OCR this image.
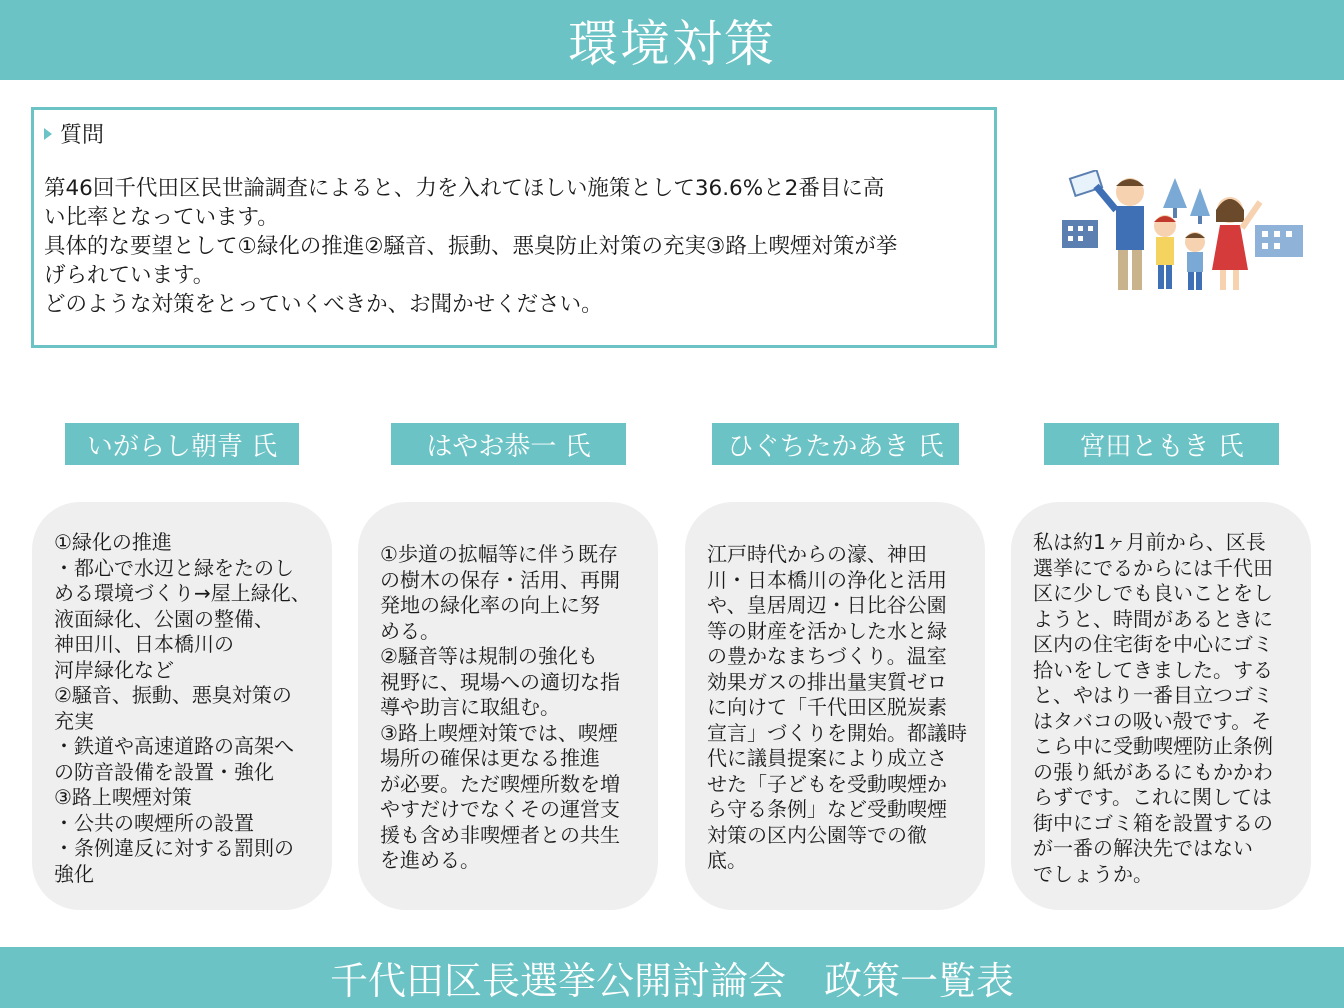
環境対策
質問
第46回千代田区民世論調査によると、力を入れてほしい施策として36.6%と2番目に高
い比率となっています。
具体的な要望として①緑化の推進②騒音、振動、悪臭防止対策の充実③路上喫煙対策が挙
げられています。
どのような対策をとっていくべきか、お聞かせください。
いがらし朝青 氏	はやお恭一 氏	ひぐちたかあき 氏	宮田ともき 氏
①緑化の推進
・都心で水辺と緑をたのし
める環境づくり→屋上緑化、
液面緑化、公園の整備、
神田川、日本橋川の
河岸緑化など
②騒音、振動、悪臭対策の
充実
・鉄道や高速道路の高架へ
の防音設備を設置・強化
③路上喫煙対策
・公共の喫煙所の設置
・条例違反に対する罰則の
強化
①歩道の拡幅等に伴う既存
の樹木の保存・活用、再開
発地の緑化率の向上に努
める。
②騒音等は規制の強化も
視野に、現場への適切な指
導や助言に取組む。
③路上喫煙対策では、喫煙
場所の確保は更なる推進
が必要。ただ喫煙所数を増
やすだけでなくその運営支
援も含め非喫煙者との共生
を進める。
江戸時代からの濠、神田
川・日本橋川の浄化と活用
や、皇居周辺・日比谷公園
等の財産を活かした水と緑
の豊かなまちづくり。温室
効果ガスの排出量実質ゼロ
に向けて「千代田区脱炭素
宣言」づくりを開始。都議時
代に議員提案により成立さ
せた「子どもを受動喫煙か
ら守る条例」など受動喫煙
対策の区内公園等での徹
底。
私は約1ヶ月前から、区長
選挙にでるからには千代田
区に少しでも良いことをし
ようと、時間があるときに
区内の住宅街を中心にゴミ
拾いをしてきました。する
と、やはり一番目立つゴミ
はタバコの吸い殻です。そ
こら中に受動喫煙防止条例
の張り紙があるにもかかわ
らずです。これに関しては
街中にゴミ箱を設置するの
が一番の解決先ではない
でしょうか。
千代田区長選挙公開討論会　政策一覧表
